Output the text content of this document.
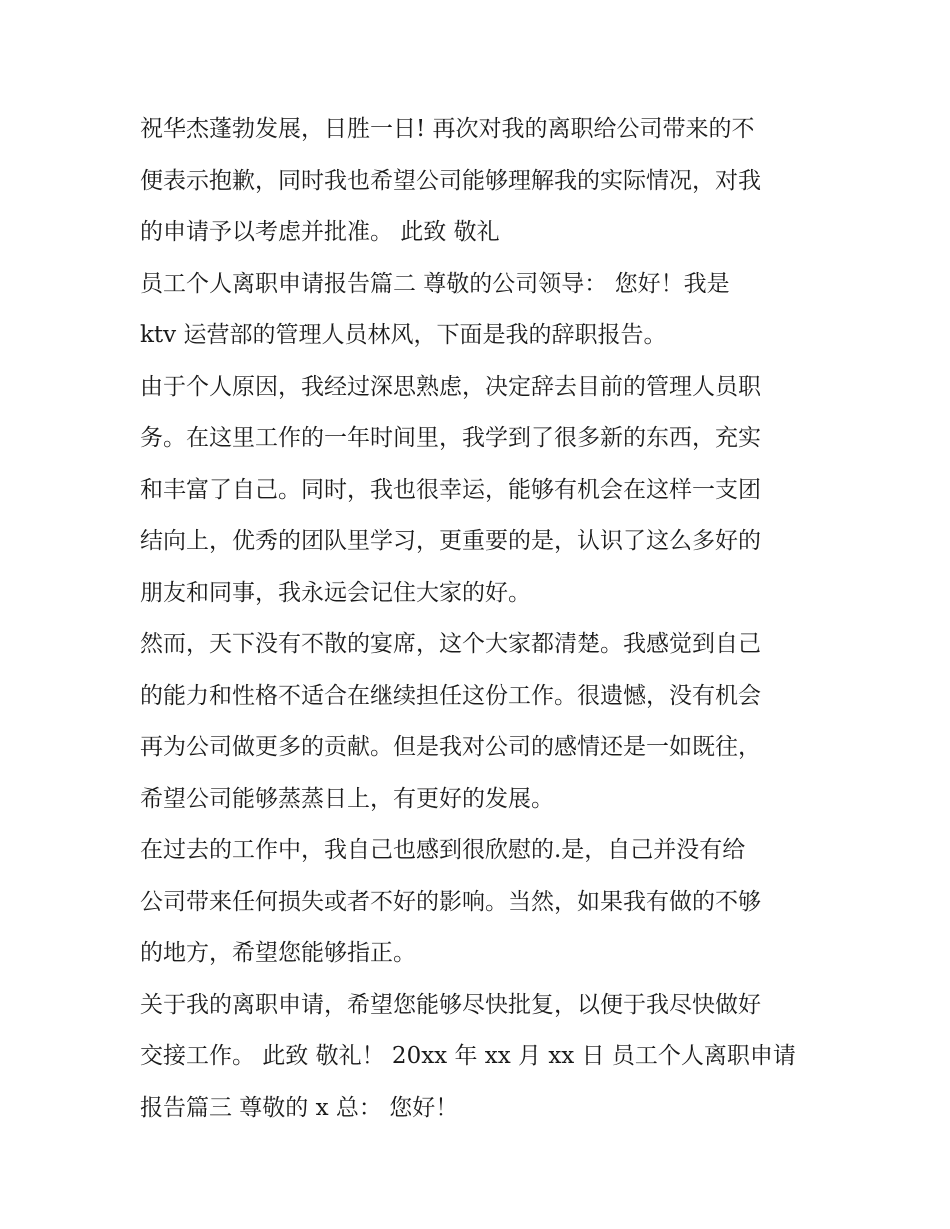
祝华杰蓬勃发展，日胜一日! 再次对我的离职给公司带来的不
便表示抱歉，同时我也希望公司能够理解我的实际情况，对我
的申请予以考虑并批准。 此致 敬礼
员工个人离职申请报告篇二 尊敬的公司领导： 您好！我是
ktv 运营部的管理人员林风，下面是我的辞职报告。
由于个人原因，我经过深思熟虑，决定辞去目前的管理人员职
务。在这里工作的一年时间里，我学到了很多新的东西，充实
和丰富了自己。同时，我也很幸运，能够有机会在这样一支团
结向上，优秀的团队里学习，更重要的是，认识了这么多好的
朋友和同事，我永远会记住大家的好。
然而，天下没有不散的宴席，这个大家都清楚。我感觉到自己
的能力和性格不适合在继续担任这份工作。很遗憾，没有机会
再为公司做更多的贡献。但是我对公司的感情还是一如既往，
希望公司能够蒸蒸日上，有更好的发展。
在过去的工作中，我自己也感到很欣慰的.是，自己并没有给
公司带来任何损失或者不好的影响。当然，如果我有做的不够
的地方，希望您能够指正。
关于我的离职申请，希望您能够尽快批复，以便于我尽快做好
交接工作。 此致 敬礼！ 20xx 年 xx 月 xx 日 员工个人离职申请
报告篇三 尊敬的 x 总： 您好！
